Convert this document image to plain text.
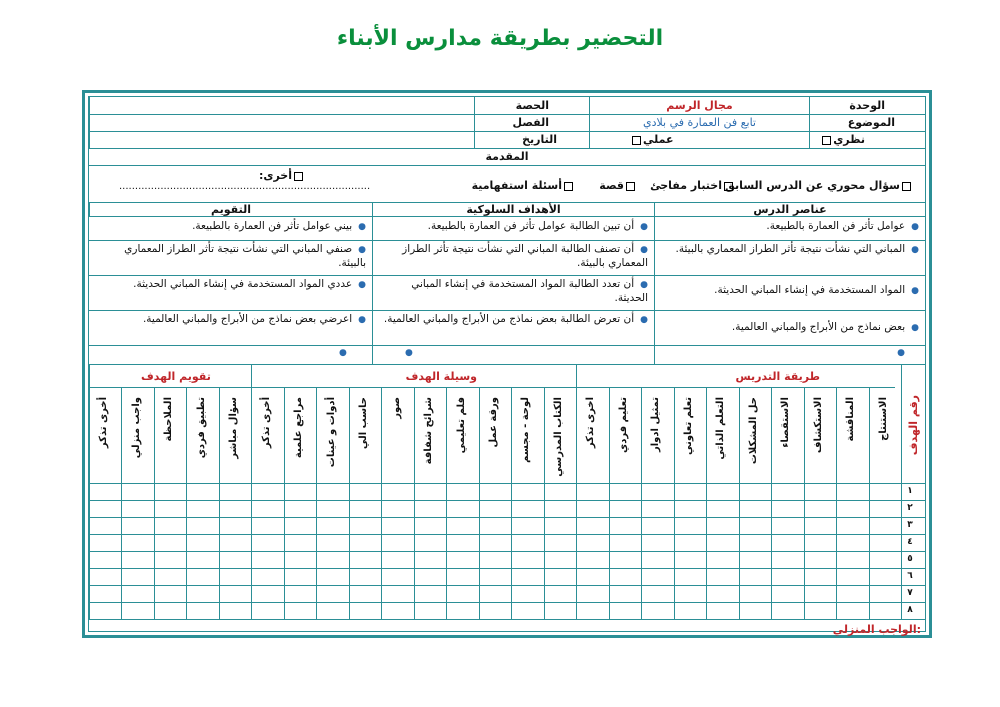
التحضير بطريقة مدارس الأبناء
الوحدة
مجال الرسم
الحصة
الموضوع
تابع فن العمارة في بلادي
الفصل
نظري
عملي
التاريخ
المقدمة
سؤال محوري عن الدرس السابق
اختبار مفاجئ
قصة
أسئلة استفهامية
أخرى:
...............................................................................
عناصر الدرس
الأهداف السلوكية
التقويم
●عوامل تأثر فن العمارة بالطبيعة.
●أن تبين الطالبة عوامل تأثر فن العمارة بالطبيعة.
●بيني عوامل تأثر فن العمارة بالطبيعة.
●المباني التي نشأت نتيجة تأثر الطراز المعماري بالبيئة.
●أن تصنف الطالبة المباني التي نشأت نتيجة تأثر الطراز المعماري بالبيئة.
●صنفي المباني التي نشأت نتيجة تأثر الطراز المعماري بالبيئة.
●المواد المستخدمة في إنشاء المباني الحديثة.
●أن تعدد الطالبة المواد المستخدمة في إنشاء المباني الحديثة.
●عددي المواد المستخدمة في إنشاء المباني الحديثة.
●بعض نماذج من الأبراج والمباني العالمية.
●أن تعرض الطالبة بعض نماذج من الأبراج والمباني العالمية.
●اعرضي بعض نماذج من الأبراج والمباني العالمية.
●
●
●
طريقة التدريس
وسيلة الهدف
تقويم الهدف
رقم الهدف
الاستنتاج
المناقشة
الاستكشاف
الاستقصاء
حل المشكلات
التعلم الذاتي
تعلم تعاوني
تمثيل ادوار
تعليم فردي
اخرى تذكر
الكتاب المدرسي
لوحة - مجسم
ورقة عمل
فلم تعليمي
شرائح شفافة
صور
حاسب الي
أدوات و عينات
مراجع علمية
أخرى تذكر
سؤال مباشر
تطبيق فردي
الملاحظة
واجب منزلي
أخرى تذكر
١
٢
٣
٤
٥
٦
٧
٨
الواجب المنزلي:
